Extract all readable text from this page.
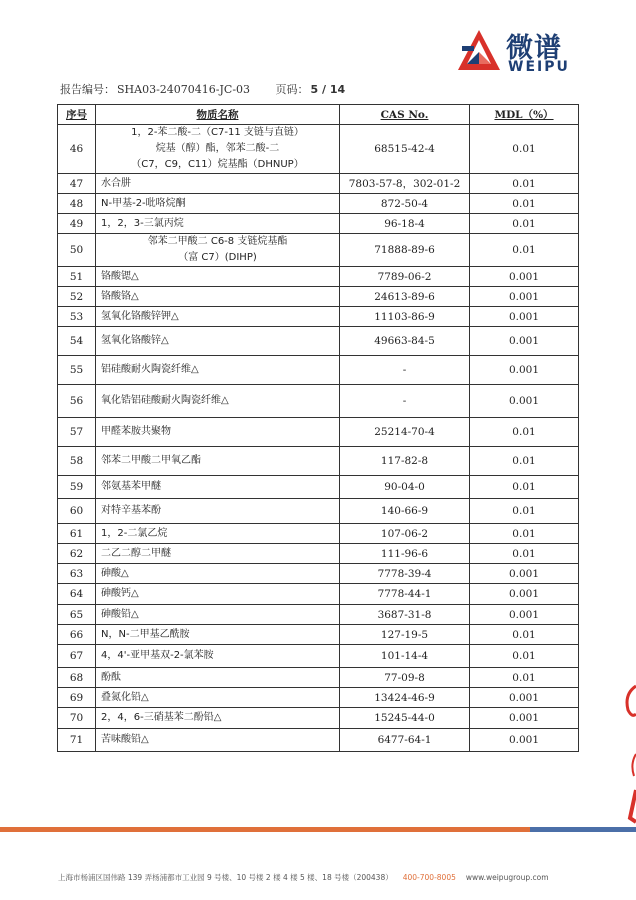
微谱
WEIPU
报告编号： SHA03-24070416-JC-03 页码： 5 / 14
序号	物质名称	CAS No.	MDL（%）
46	1，2-苯二酸-二（C7-11 支链与直链）
烷基（醇）酯，邻苯二酸-二
（C7，C9，C11）烷基酯（DHNUP）	68515-42-4	0.01
47	水合肼	7803-57-8，302-01-2	0.01
48	N-甲基-2-吡咯烷酮	872-50-4	0.01
49	1，2，3-三氯丙烷	96-18-4	0.01
50	邻苯二甲酸二 C6-8 支链烷基酯
（富 C7）(DIHP)	71888-89-6	0.01
51	铬酸锶△	7789-06-2	0.001
52	铬酸铬△	24613-89-6	0.001
53	氢氧化铬酸锌钾△	11103-86-9	0.001
54	氢氧化铬酸锌△	49663-84-5	0.001
55	铝硅酸耐火陶瓷纤维△	-	0.001
56	氧化锆铝硅酸耐火陶瓷纤维△	-	0.001
57	甲醛苯胺共聚物	25214-70-4	0.01
58	邻苯二甲酸二甲氧乙酯	117-82-8	0.01
59	邻氨基苯甲醚	90-04-0	0.01
60	对特辛基苯酚	140-66-9	0.01
61	1，2-二氯乙烷	107-06-2	0.01
62	二乙二醇二甲醚	111-96-6	0.01
63	砷酸△	7778-39-4	0.001
64	砷酸钙△	7778-44-1	0.001
65	砷酸铅△	3687-31-8	0.001
66	N，N-二甲基乙酰胺	127-19-5	0.01
67	4，4'-亚甲基双-2-氯苯胺	101-14-4	0.01
68	酚酞	77-09-8	0.01
69	叠氮化铅△	13424-46-9	0.001
70	2，4，6-三硝基苯二酚铅△	15245-44-0	0.001
71	苦味酸铅△	6477-64-1	0.001
上海市杨浦区国伟路 139 弄杨浦都市工业园 9 号楼、10 号楼 2 楼 4 楼 5 楼、18 号楼（200438） 400-700-8005 www.weipugroup.com
